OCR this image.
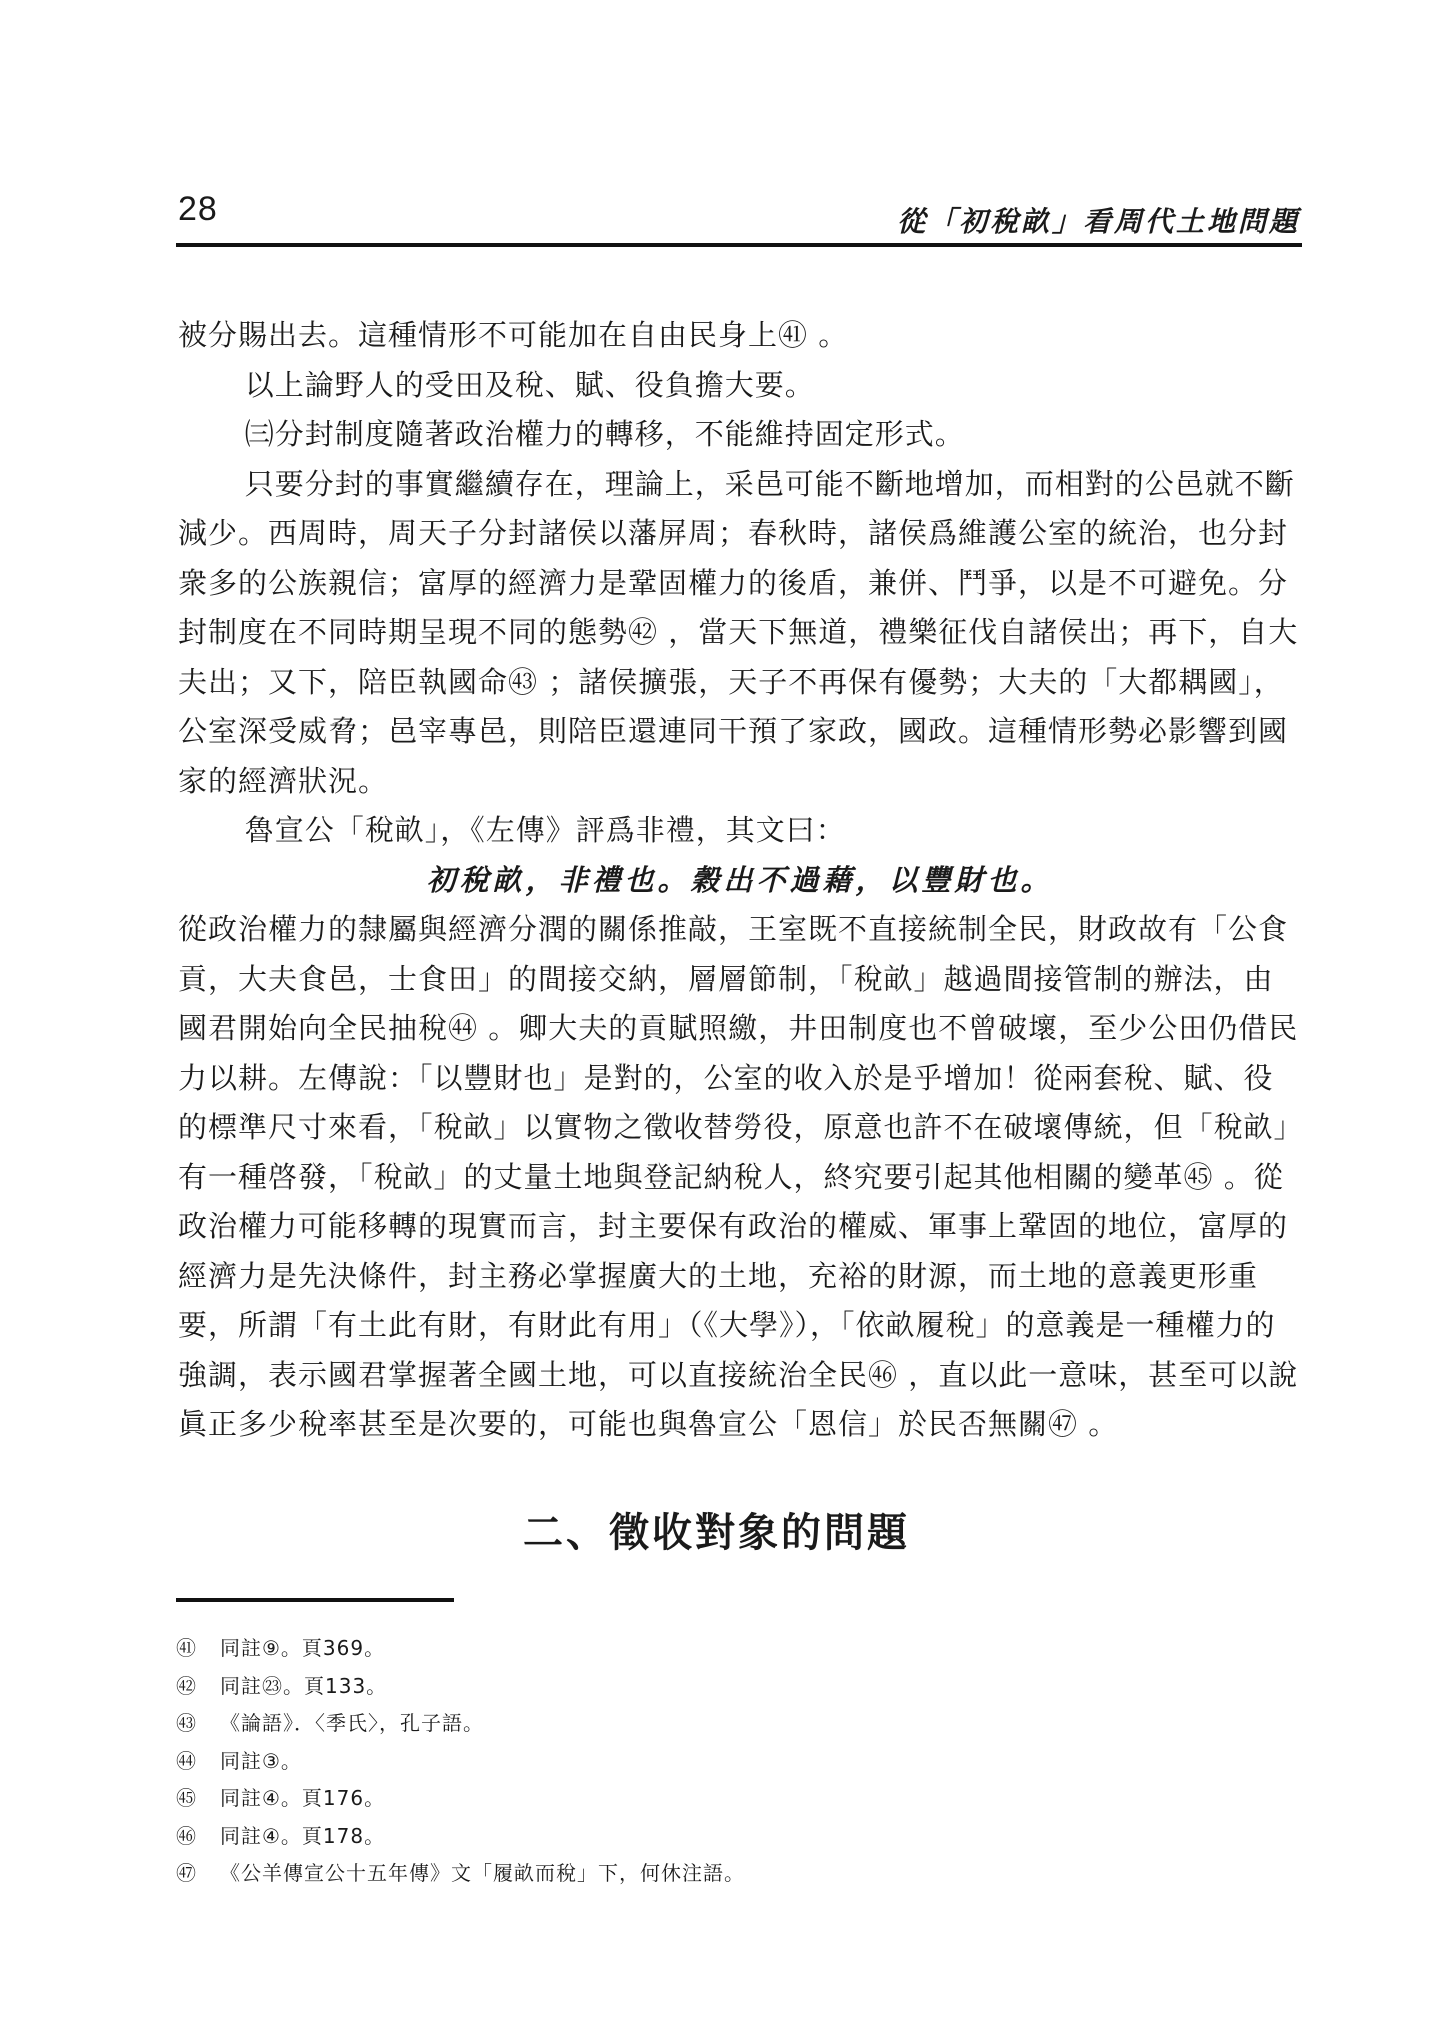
28	從「初稅畝」看周代土地問題

被分賜出去。這種情形不可能加在自由民身上㊶ 。

以上論野人的受田及稅、賦、役負擔大要。

㈢分封制度隨著政治權力的轉移，不能維持固定形式。

只要分封的事實繼續存在，理論上，采邑可能不斷地增加，而相對的公邑就不斷減少。西周時，周天子分封諸侯以藩屏周；春秋時，諸侯爲維護公室的統治，也分封衆多的公族親信；富厚的經濟力是鞏固權力的後盾，兼併、鬥爭，以是不可避免。分封制度在不同時期呈現不同的態勢㊷ ，當天下無道，禮樂征伐自諸侯出；再下，自大夫出；又下，陪臣執國命㊸ ；諸侯擴張，天子不再保有優勢；大夫的「大都耦國」，公室深受威脅；邑宰專邑，則陪臣還連同干預了家政，國政。這種情形勢必影響到國家的經濟狀況。

魯宣公「稅畝」，《左傳》評爲非禮，其文曰：

初稅畝，非禮也。穀出不過藉，以豐財也。

從政治權力的隸屬與經濟分潤的關係推敲，王室既不直接統制全民，財政故有「公食貢，大夫食邑，士食田」的間接交納，層層節制，「稅畝」越過間接管制的辦法，由國君開始向全民抽稅㊹ 。卿大夫的貢賦照繳，井田制度也不曾破壞，至少公田仍借民力以耕。左傳說：「以豐財也」是對的，公室的收入於是乎增加！從兩套稅、賦、役的標準尺寸來看，「稅畝」以實物之徵收替勞役，原意也許不在破壞傳統，但「稅畝」有一種啓發，「稅畝」的丈量土地與登記納稅人，終究要引起其他相關的變革㊺ 。從政治權力可能移轉的現實而言，封主要保有政治的權威、軍事上鞏固的地位，富厚的經濟力是先決條件，封主務必掌握廣大的土地，充裕的財源，而土地的意義更形重要，所謂「有土此有財，有財此有用」（《大學》），「依畝履稅」的意義是一種權力的強調，表示國君掌握著全國土地，可以直接統治全民㊻ ，直以此一意味，甚至可以說眞正多少稅率甚至是次要的，可能也與魯宣公「恩信」於民否無關㊼ 。

二、徵收對象的問題
㊶	同註⑨。頁369。
㊷	同註㉓。頁133。
㊸	《論語》．〈季氏〉，孔子語。
㊹	同註③。
㊺	同註④。頁176。
㊻	同註④。頁178。
㊼	《公羊傳宣公十五年傳》文「履畝而稅」下，何休注語。
